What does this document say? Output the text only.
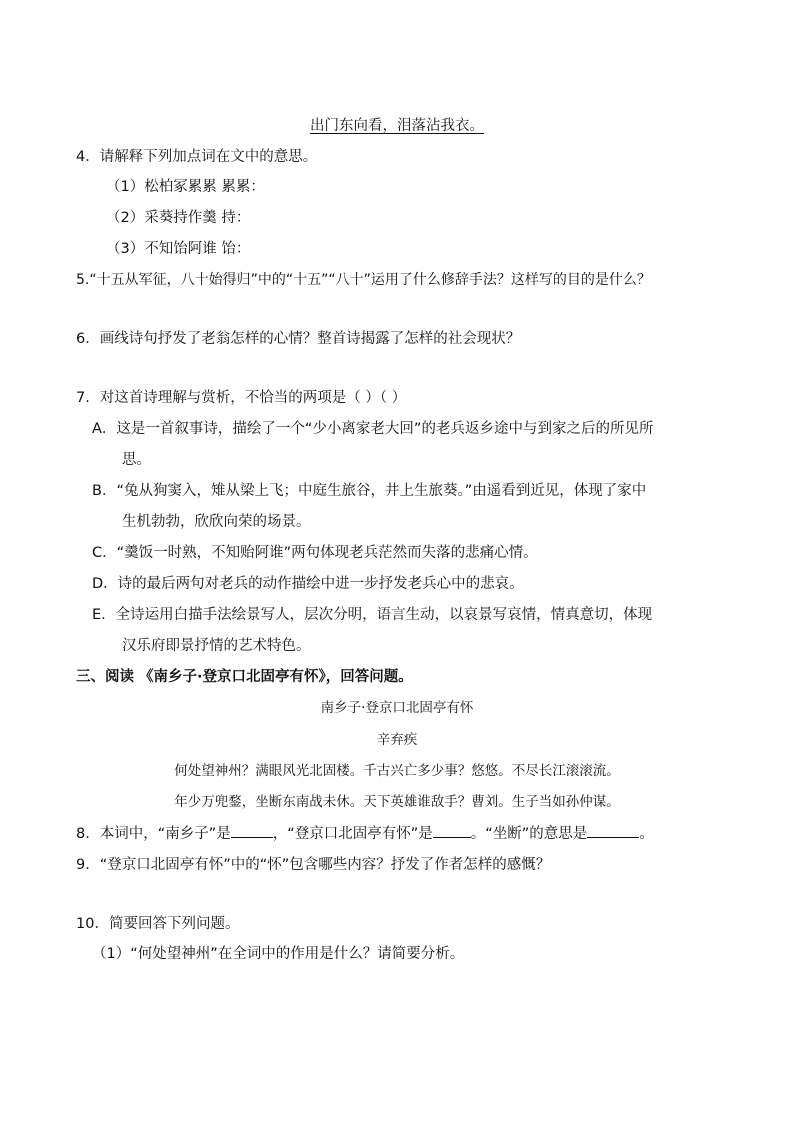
出门东向看，泪落沾我衣。
4．请解释下列加点词在文中的意思。
（1）松柏冢累累 累累：
（2）采葵持作羹 持：
（3）不知饴阿谁 饴：
5.“十五从军征，八十始得归”中的“十五”“八十”运用了什么修辞手法？这样写的目的是什么？
6．画线诗句抒发了老翁怎样的心情？整首诗揭露了怎样的社会现状？
7．对这首诗理解与赏析，不恰当的两项是（ ）（ ）
A．这是一首叙事诗，描绘了一个“少小离家老大回”的老兵返乡途中与到家之后的所见所
思。
B．“兔从狗窦入，雉从梁上飞；中庭生旅谷，井上生旅葵。”由遥看到近见，体现了家中
生机勃勃，欣欣向荣的场景。
C．“羹饭一时熟，不知贻阿谁”两句体现老兵茫然而失落的悲痛心情。
D．诗的最后两句对老兵的动作描绘中进一步抒发老兵心中的悲哀。
E．全诗运用白描手法绘景写人，层次分明，语言生动，以哀景写哀情，情真意切，体现
汉乐府即景抒情的艺术特色。
三、阅读 《南乡子·登京口北固亭有怀》，回答问题。
南乡子·登京口北固亭有怀
辛弃疾
何处望神州？满眼风光北固楼。千古兴亡多少事？悠悠。不尽长江滚滚流。
年少万兜鍪，坐断东南战未休。天下英雄谁敌手？曹刘。生子当如孙仲谋。
8．本词中，“南乡子”是	，“登京口北固亭有怀”是	。“坐断”的意思是	。
9．“登京口北固亭有怀”中的“怀”包含哪些内容？抒发了作者怎样的感慨？
10．简要回答下列问题。
（1）“何处望神州”在全词中的作用是什么？请简要分析。
